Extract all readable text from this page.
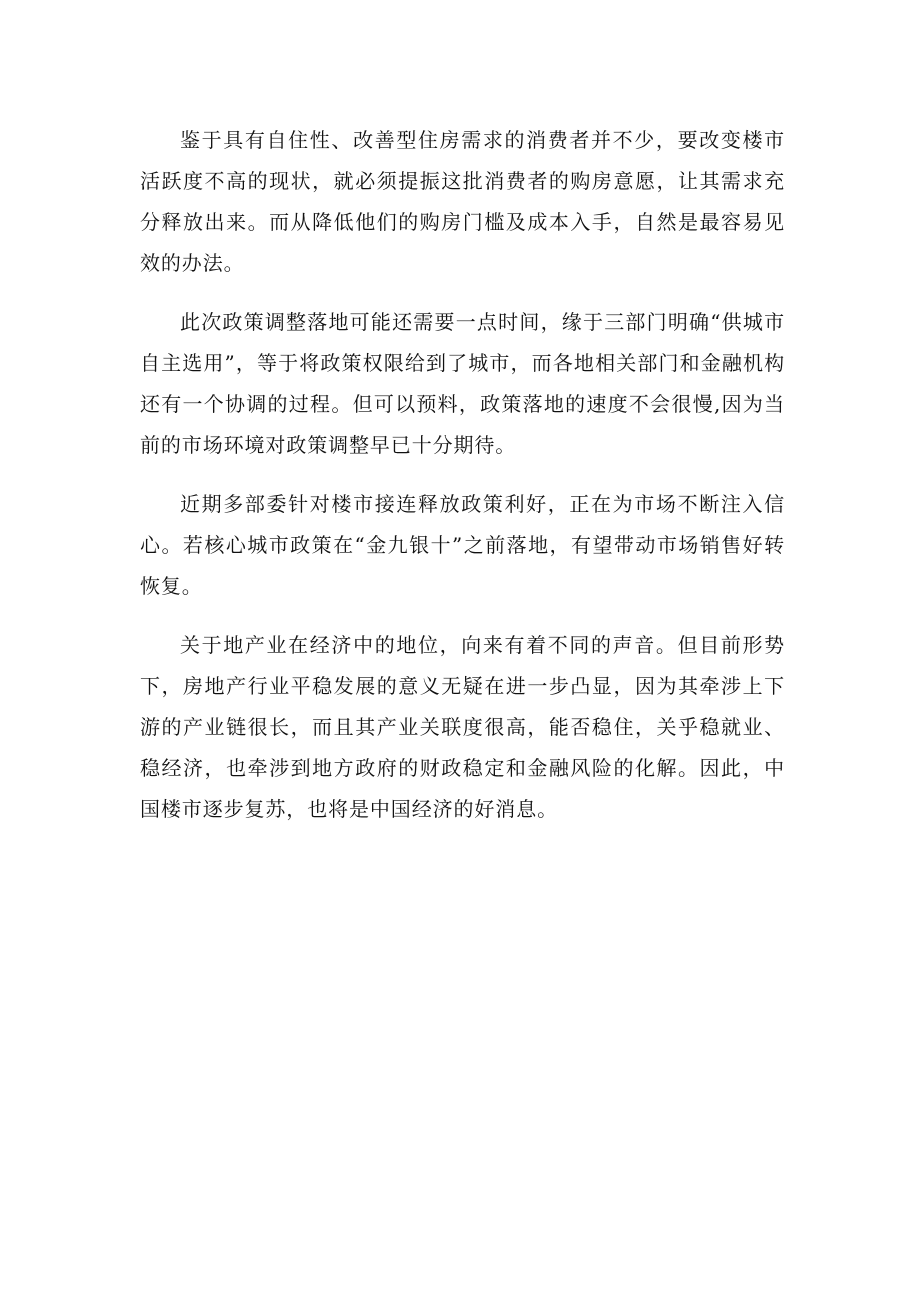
鉴于具有自住性、改善型住房需求的消费者并不少，要改变楼市活跃度不高的现状，就必须提振这批消费者的购房意愿，让其需求充分释放出来。而从降低他们的购房门槛及成本入手，自然是最容易见效的办法。

此次政策调整落地可能还需要一点时间，缘于三部门明确“供城市自主选用”，等于将政策权限给到了城市，而各地相关部门和金融机构还有一个协调的过程。但可以预料，政策落地的速度不会很慢,因为当前的市场环境对政策调整早已十分期待。

近期多部委针对楼市接连释放政策利好，正在为市场不断注入信心。若核心城市政策在“金九银十”之前落地，有望带动市场销售好转恢复。

关于地产业在经济中的地位，向来有着不同的声音。但目前形势下，房地产行业平稳发展的意义无疑在进一步凸显，因为其牵涉上下游的产业链很长，而且其产业关联度很高，能否稳住，关乎稳就业、稳经济，也牵涉到地方政府的财政稳定和金融风险的化解。因此，中国楼市逐步复苏，也将是中国经济的好消息。
